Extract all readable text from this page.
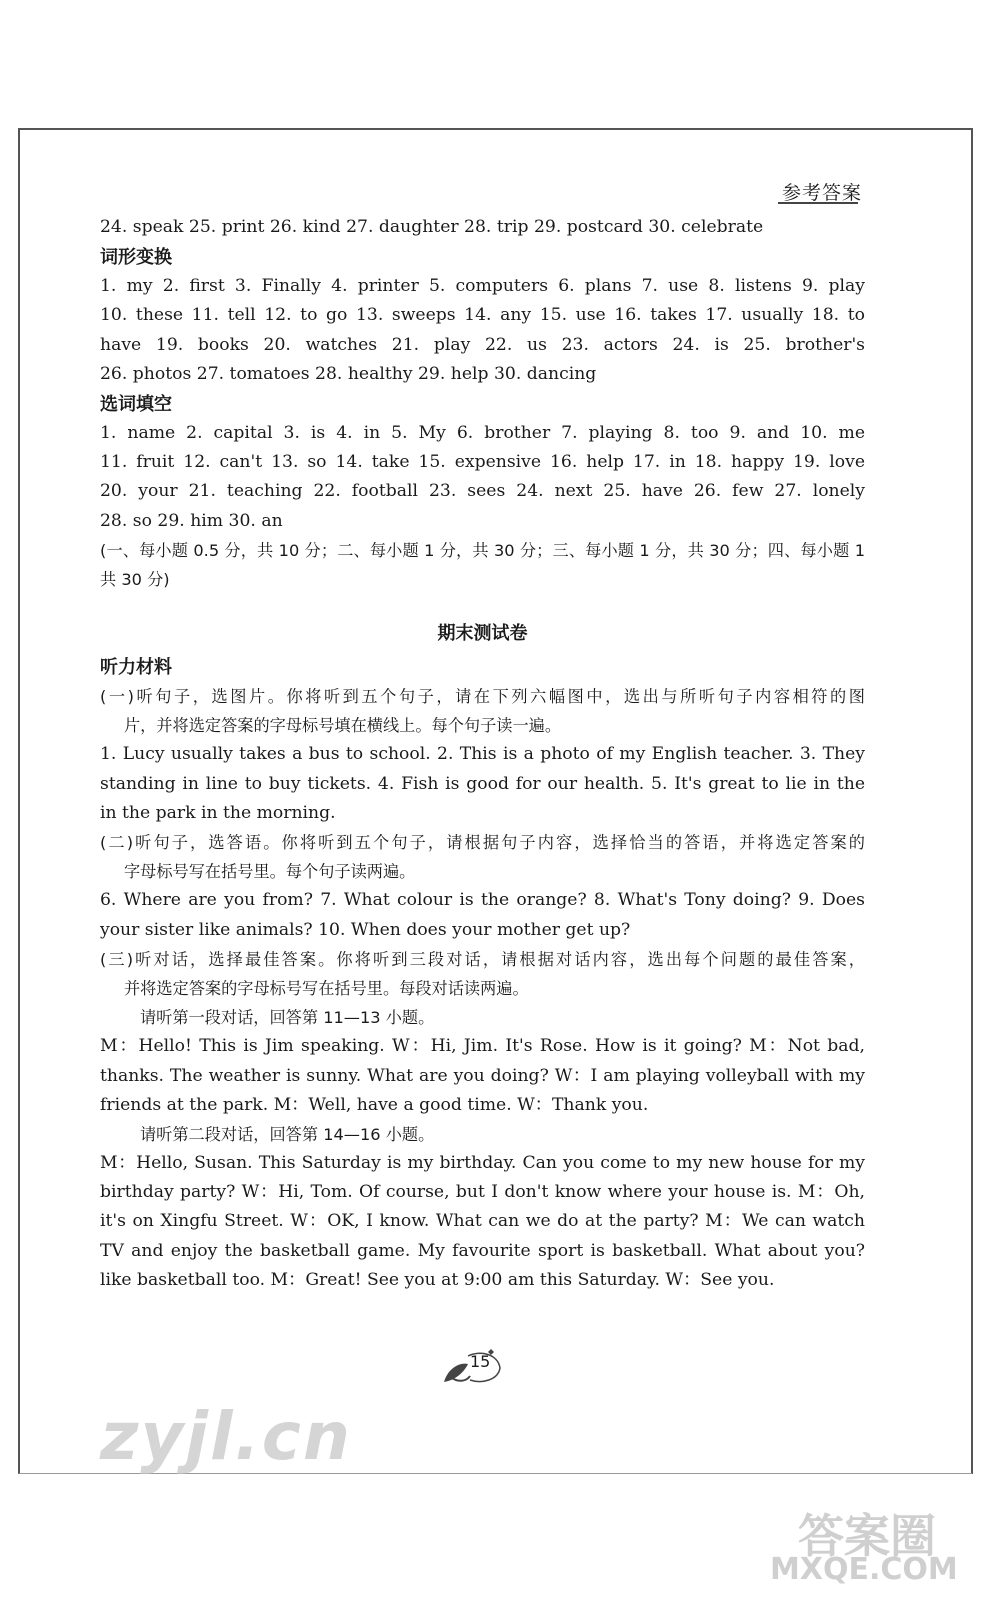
参考答案
24. speak 25. print 26. kind 27. daughter 28. trip 29. postcard 30. celebrate
词形变换
1. my 2. first 3. Finally 4. printer 5. computers 6. plans 7. use 8. listens 9. play
10. these 11. tell 12. to go 13. sweeps 14. any 15. use 16. takes 17. usually 18. to
have 19. books 20. watches 21. play 22. us 23. actors 24. is 25. brother's
26. photos 27. tomatoes 28. healthy 29. help 30. dancing
选词填空
1. name 2. capital 3. is 4. in 5. My 6. brother 7. playing 8. too 9. and 10. me
11. fruit 12. can't 13. so 14. take 15. expensive 16. help 17. in 18. happy 19. love
20. your 21. teaching 22. football 23. sees 24. next 25. have 26. few 27. lonely
28. so 29. him 30. an
(一、每小题 0.5 分，共 10 分；二、每小题 1 分，共 30 分；三、每小题 1 分，共 30 分；四、每小题 1
共 30 分)
期末测试卷
听力材料
(一)听句子，选图片。你将听到五个句子，请在下列六幅图中，选出与所听句子内容相符的图
片，并将选定答案的字母标号填在横线上。每个句子读一遍。
1. Lucy usually takes a bus to school. 2. This is a photo of my English teacher. 3. They
standing in line to buy tickets. 4. Fish is good for our health. 5. It's great to lie in the
in the park in the morning.
(二)听句子，选答语。你将听到五个句子，请根据句子内容，选择恰当的答语，并将选定答案的
字母标号写在括号里。每个句子读两遍。
6. Where are you from? 7. What colour is the orange? 8. What's Tony doing? 9. Does
your sister like animals? 10. When does your mother get up?
(三)听对话，选择最佳答案。你将听到三段对话，请根据对话内容，选出每个问题的最佳答案，
并将选定答案的字母标号写在括号里。每段对话读两遍。
请听第一段对话，回答第 11—13 小题。
M：Hello! This is Jim speaking. W：Hi, Jim. It's Rose. How is it going? M：Not bad,
thanks. The weather is sunny. What are you doing? W：I am playing volleyball with my
friends at the park. M：Well, have a good time. W：Thank you.
请听第二段对话，回答第 14—16 小题。
M：Hello, Susan. This Saturday is my birthday. Can you come to my new house for my
birthday party? W：Hi, Tom. Of course, but I don't know where your house is. M：Oh,
it's on Xingfu Street. W：OK, I know. What can we do at the party? M：We can watch
TV and enjoy the basketball game. My favourite sport is basketball. What about you?
like basketball too. M：Great! See you at 9:00 am this Saturday. W：See you.
15
zyjl.cn
答案圈
MXQE.COM
